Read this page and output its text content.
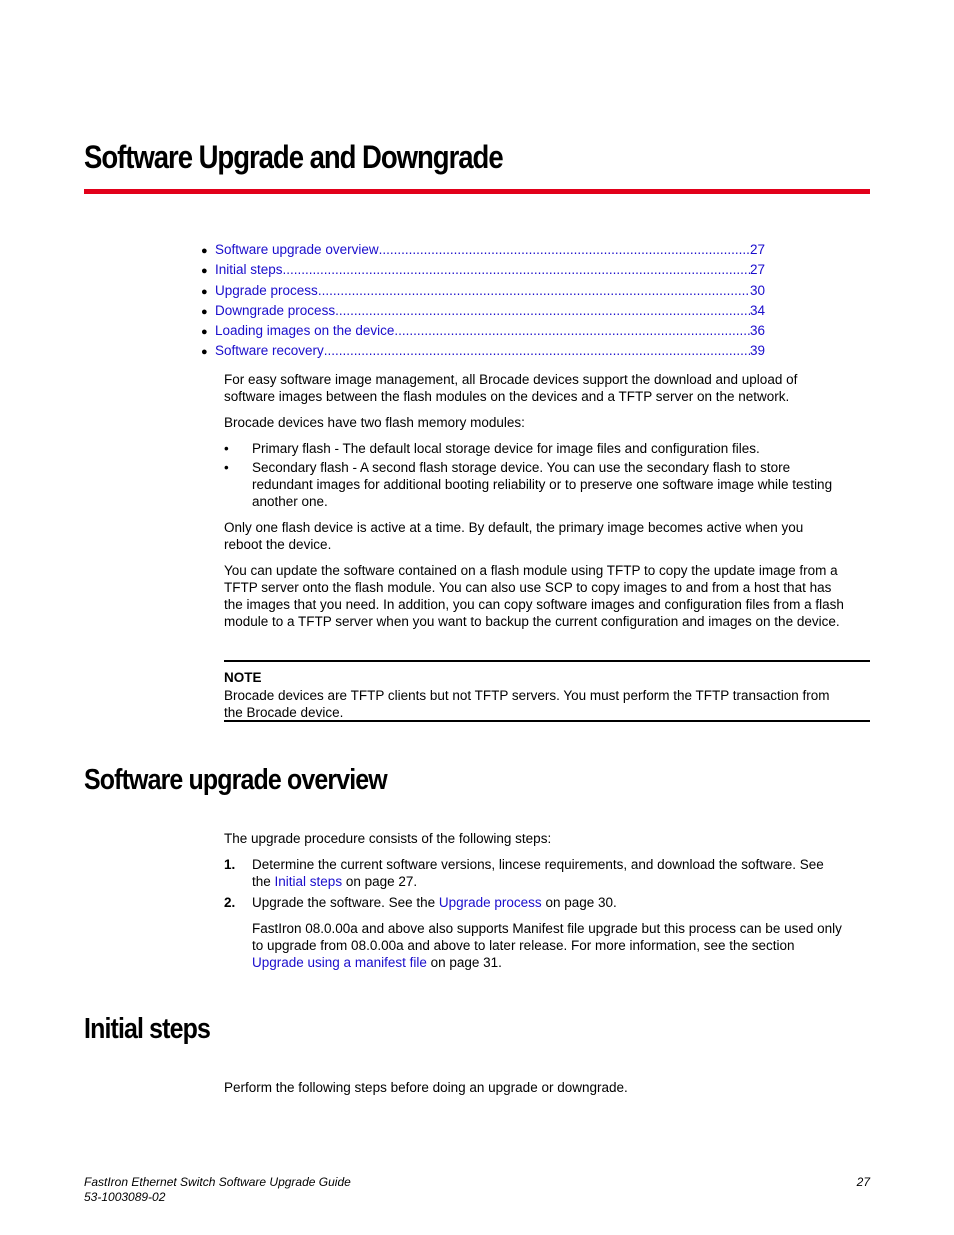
Software Upgrade and Downgrade
● Software upgrade overview .....	27
● Initial steps .....	27
● Upgrade process .....	30
● Downgrade process .....	34
● Loading images on the device .....	36
● Software recovery .....	39
For easy software image management, all Brocade devices support the download and upload of
software images between the flash modules on the devices and a TFTP server on the network.
Brocade devices have two flash memory modules:
• Primary flash - The default local storage device for image files and configuration files.
• Secondary flash - A second flash storage device. You can use the secondary flash to store
redundant images for additional booting reliability or to preserve one software image while testing
another one.
Only one flash device is active at a time. By default, the primary image becomes active when you
reboot the device.
You can update the software contained on a flash module using TFTP to copy the update image from a
TFTP server onto the flash module. You can also use SCP to copy images to and from a host that has
the images that you need. In addition, you can copy software images and configuration files from a flash
module to a TFTP server when you want to backup the current configuration and images on the device.
NOTE
Brocade devices are TFTP clients but not TFTP servers. You must perform the TFTP transaction from
the Brocade device.
Software upgrade overview
The upgrade procedure consists of the following steps:
1. Determine the current software versions, lincese requirements, and download the software. See
the Initial steps on page 27.
2. Upgrade the software. See the Upgrade process on page 30.
FastIron 08.0.00a and above also supports Manifest file upgrade but this process can be used only
to upgrade from 08.0.00a and above to later release. For more information, see the section
Upgrade using a manifest file on page 31.
Initial steps
Perform the following steps before doing an upgrade or downgrade.
FastIron Ethernet Switch Software Upgrade Guide
53-1003089-02
27
